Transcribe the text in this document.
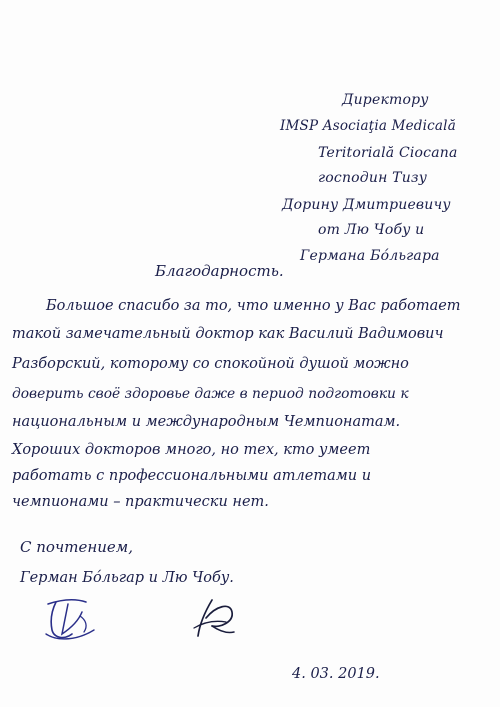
Директору
IMSP Asociaţia Medicală
Teritorială Ciocana
господин Тизу
Дорину Дмитриевичу
от Лю Чобу и
Германа Бóльгара
Благодарность.
Большое спасибо за то, что именно у Вас работает
такой замечательный доктор как Василий Вадимович
Разборский, которому со спокойной душой можно
доверить своё здоровье даже в период подготовки к
национальным и международным Чемпионатам.
Хороших докторов много, но тех, кто умеет
работать с профессиональными атлетами и
чемпионами – практически нет.
С почтением,
Герман Бóльгар и Лю Чобу.
4. 03. 2019.
